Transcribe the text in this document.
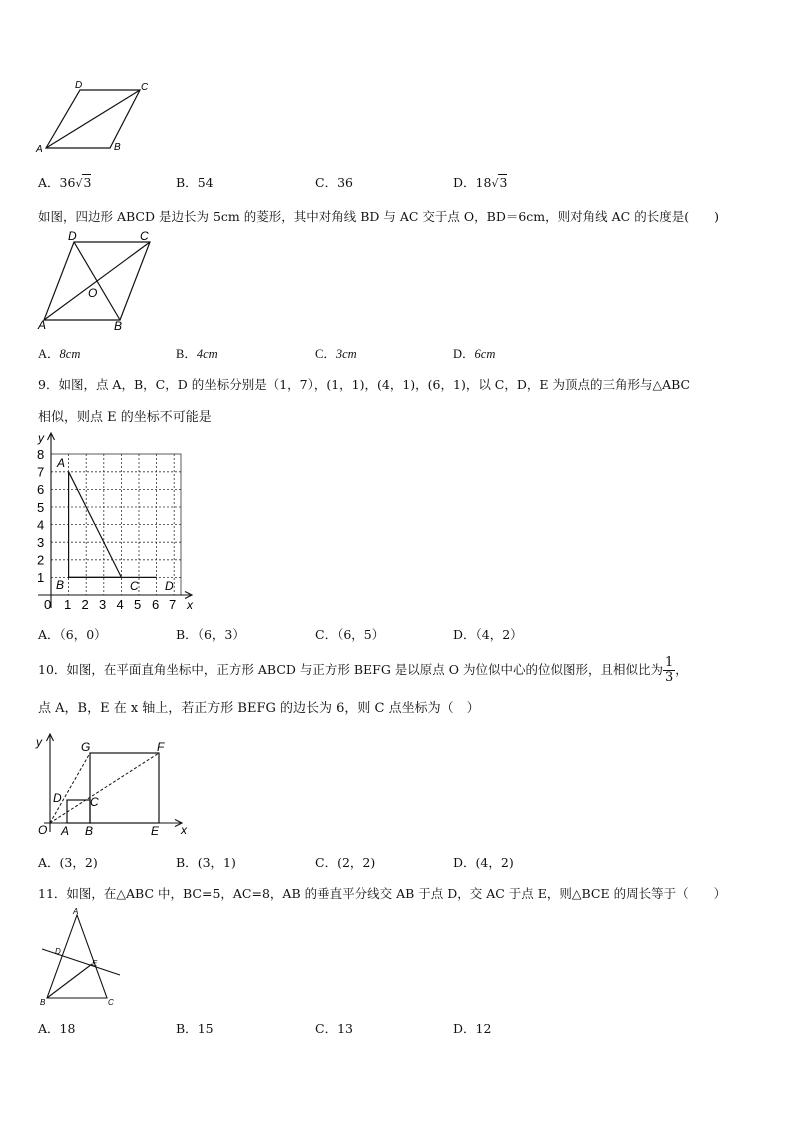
D	C
A	B
A．36√3	B．54	C．36	D．18√3
如图，四边形 ABCD 是边长为 5cm 的菱形，其中对角线 BD 与 AC 交于点 O，BD＝6cm，则对角线 AC 的长度是(　　)
D	C
O
A	B
A．8cm	B．4cm	C．3cm	D．6cm
9．如图，点 A，B，C，D 的坐标分别是（1，7），(1，1)，(4，1)，(6，1)，以 C，D，E 为顶点的三角形与△ABC
相似，则点 E 的坐标不可能是
y
x
0 1 2 3 4 5 6 7
1
2
3
4
5
6
7
8
A
B	C D
A．（6，0）	B．（6，3）	C．（6，5）	D．（4，2）
10．如图，在平面直角坐标中，正方形 ABCD 与正方形 BEFG 是以原点 O 为位似中心的位似图形，且相似比为 $\frac{1}{3}$ ，
点 A，B，E 在 x 轴上，若正方形 BEFG 的边长为 6，则 C 点坐标为（　）
y
x
O A B
C
D
E
F
G
A．(3，2)	B．(3，1)	C．(2，2)	D．(4，2)
11．如图，在△ABC 中，BC=5，AC=8，AB 的垂直平分线交 AB 于点 D，交 AC 于点 E，则△BCE 的周长等于（　　）
A
D
E
B	C
A．18	B．15	C．13	D．12
